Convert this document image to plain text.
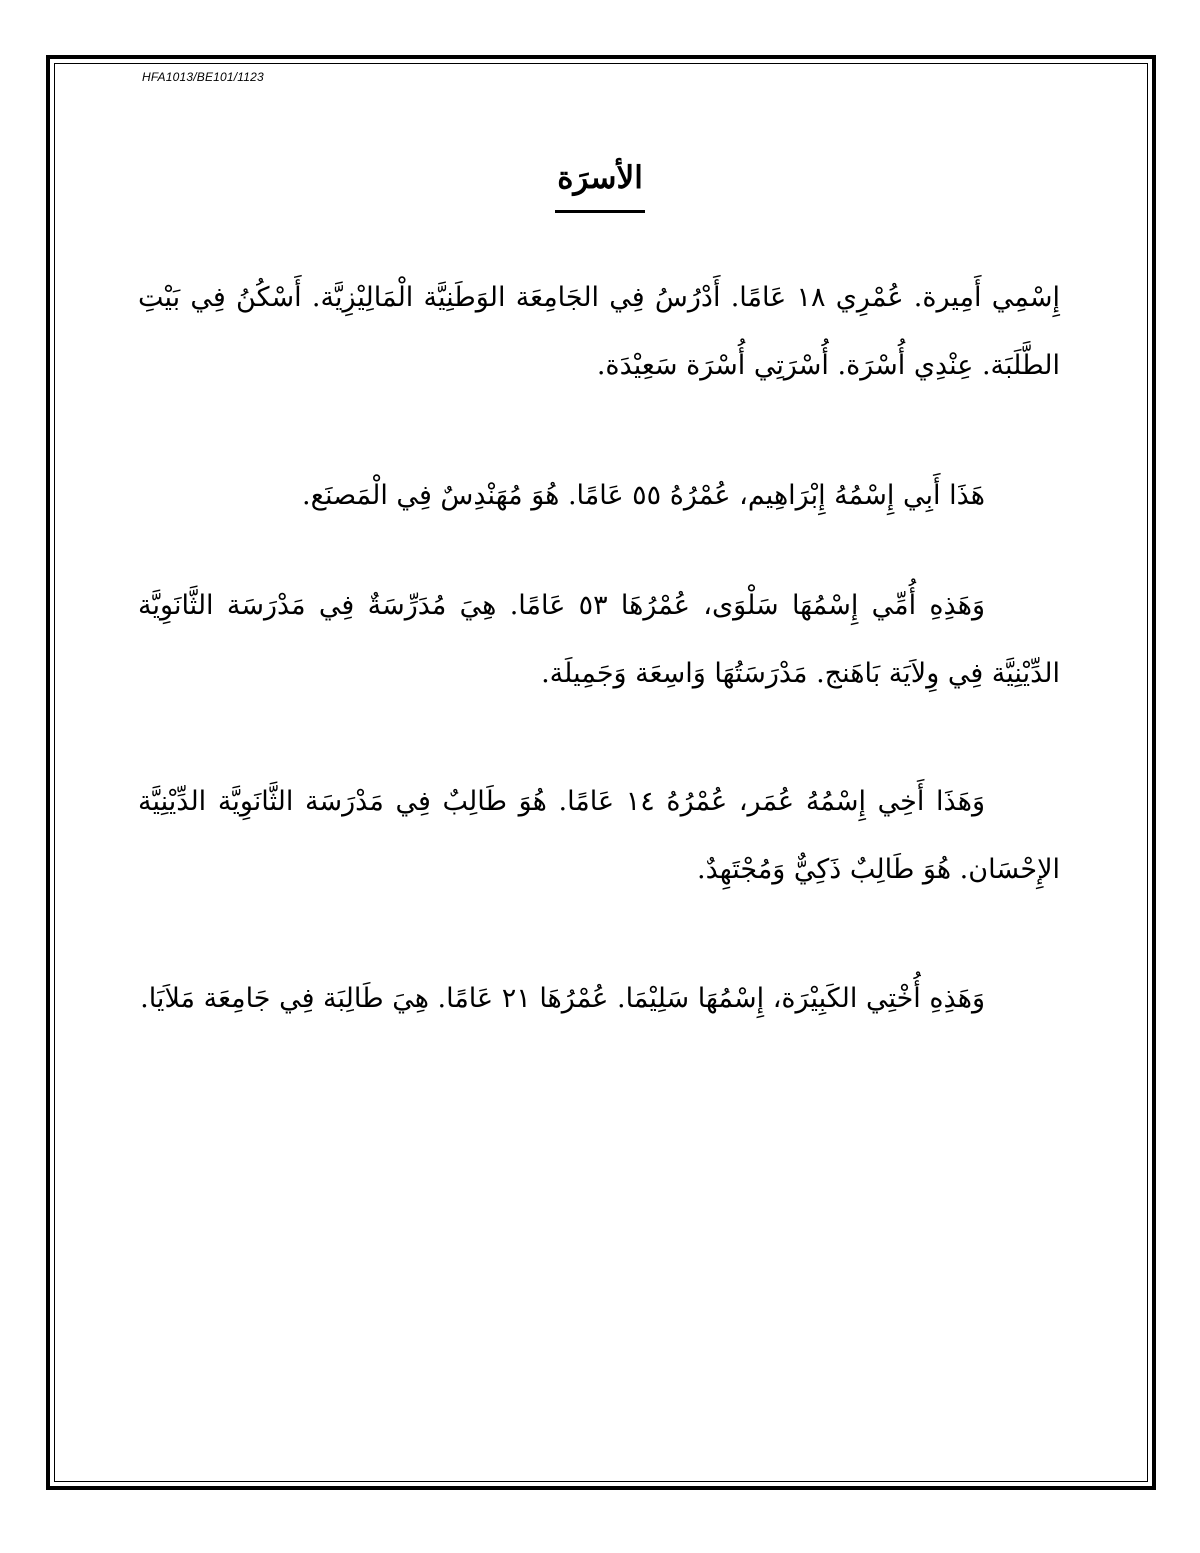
HFA1013/BE101/1123
الأسرَة

إِسْمِي أَمِيرة. عُمْرِي ١٨ عَامًا. أَدْرُسُ فِي الجَامِعَة الوَطَنِيَّة الْمَالِيْزِيَّة. أَسْكُنُ فِي بَيْتِ الطَّلَبَة. عِنْدِي أُسْرَة. أُسْرَتِي أُسْرَة سَعِيْدَة.

هَذَا أَبِي إِسْمُهُ إِبْرَاهِيم، عُمْرُهُ ٥٥ عَامًا. هُوَ مُهَنْدِسٌ فِي الْمَصنَع.

وَهَذِهِ أُمِّي إِسْمُهَا سَلْوَى، عُمْرُهَا ٥٣ عَامًا. هِيَ مُدَرِّسَةٌ فِي مَدْرَسَة الثَّانَوِيَّة الدِّيْنِيَّة فِي وِلاَيَة بَاهَنج. مَدْرَسَتُهَا وَاسِعَة وَجَمِيلَة.

وَهَذَا أَخِي إِسْمُهُ عُمَر، عُمْرُهُ ١٤ عَامًا. هُوَ طَالِبٌ فِي مَدْرَسَة الثَّانَوِيَّة الدِّيْنِيَّة الإِحْسَان. هُوَ طَالِبٌ ذَكِيٌّ وَمُجْتَهِدٌ.

وَهَذِهِ أُخْتِي الكَبِيْرَة، إِسْمُهَا سَلِيْمَا. عُمْرُهَا ٢١ عَامًا. هِيَ طَالِبَة فِي جَامِعَة مَلاَيَا.
